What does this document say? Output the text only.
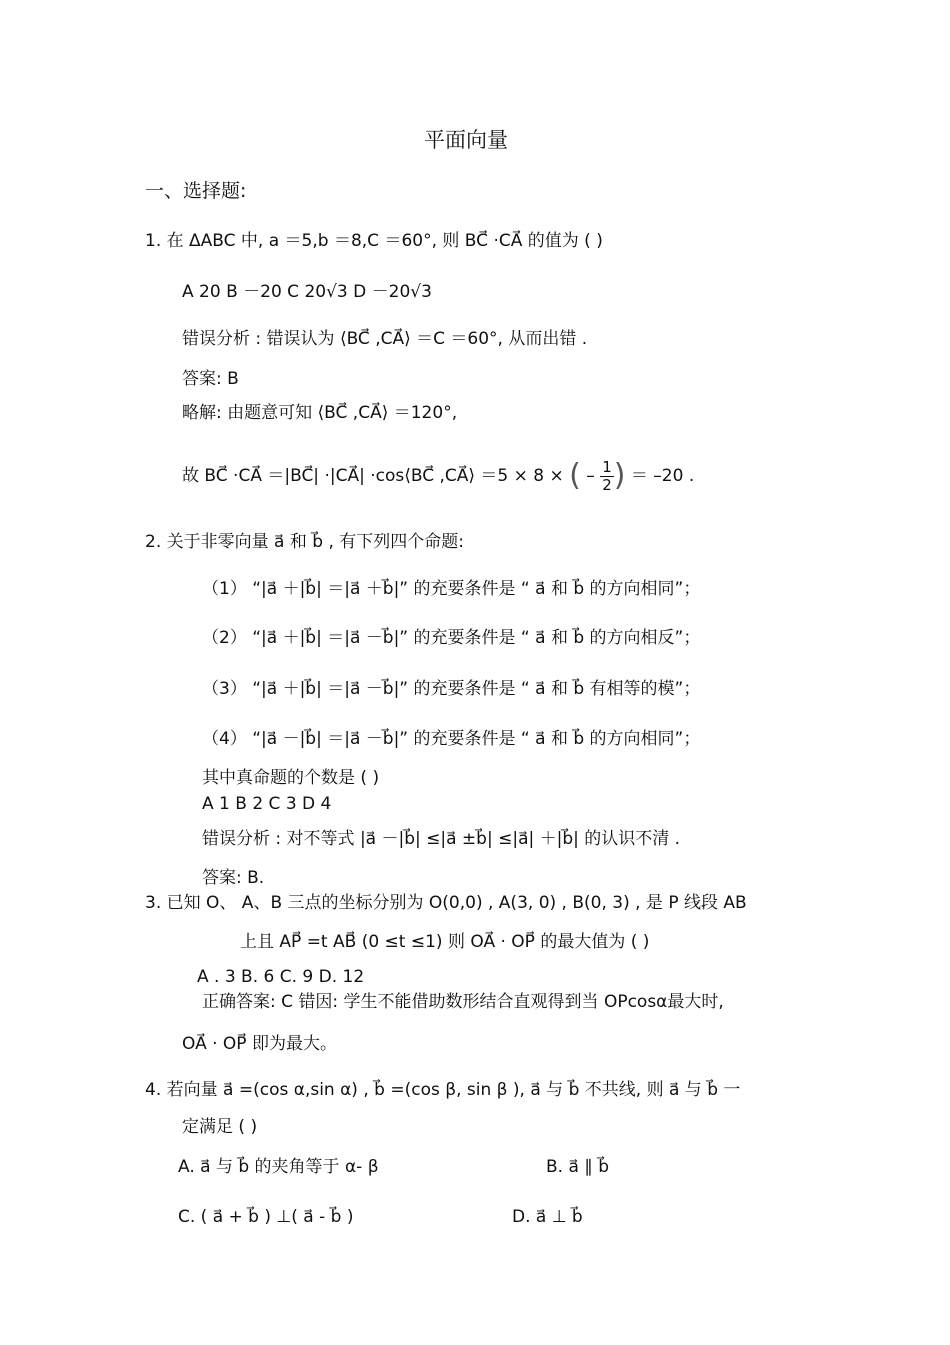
平面向量
一、选择题:
1. 在 ΔABC 中, a ＝5,b ＝8,C ＝60°, 则 BC⃗ ·CA⃗ 的值为 ( )
A 20 B －20 C 20√3 D －20√3
错误分析 : 错误认为 ⟨BC⃗ ,CA⃗⟩ ＝C ＝60°, 从而出错 .
答案: B
略解: 由题意可知 ⟨BC⃗ ,CA⃗⟩ ＝120°,
故 BC⃗ ·CA⃗ ＝|BC⃗| ·|CA⃗| ·cos⟨BC⃗ ,CA⃗⟩ ＝5 × 8 × ( – $\frac{1}{2}$ ) ＝ –20 .
2. 关于非零向量 a⃗ 和 b⃗ , 有下列四个命题:
（1） “|a⃗ ＋|b⃗| ＝|a⃗ ＋b⃗|” 的充要条件是 “ a⃗ 和 b⃗ 的方向相同”；
（2） “|a⃗ ＋|b⃗| ＝|a⃗ －b⃗|” 的充要条件是 “ a⃗ 和 b⃗ 的方向相反”；
（3） “|a⃗ ＋|b⃗| ＝|a⃗ －b⃗|” 的充要条件是 “ a⃗ 和 b⃗ 有相等的模”；
（4） “|a⃗ －|b⃗| ＝|a⃗ －b⃗|” 的充要条件是 “ a⃗ 和 b⃗ 的方向相同”；
其中真命题的个数是 ( )
A 1 B 2 C 3 D 4
错误分析 : 对不等式 |a⃗ －|b⃗| ≤|a⃗ ±b⃗| ≤|a⃗| ＋|b⃗| 的认识不清 .
答案: B.
3. 已知 O、 A、B 三点的坐标分别为 O(0,0) , A(3, 0) , B(0, 3) , 是 P 线段 AB
上且 AP⃗ =t AB⃗ (0 ≤t ≤1) 则 OA⃗ · OP⃗ 的最大值为 ( )
A . 3 B. 6 C. 9 D. 12
正确答案: C 错因: 学生不能借助数形结合直观得到当 OPcosα最大时,
OA⃗ · OP⃗ 即为最大。
4. 若向量 a⃗ =(cos α,sin α) , b⃗ =(cos β, sin β ), a⃗ 与 b⃗ 不共线, 则 a⃗ 与 b⃗ 一
定满足 ( )
A. a⃗ 与 b⃗ 的夹角等于 α- β	B. a⃗ ∥ b⃗
C. ( a⃗ + b⃗ ) ⊥( a⃗ - b⃗ )	D. a⃗ ⊥ b⃗
